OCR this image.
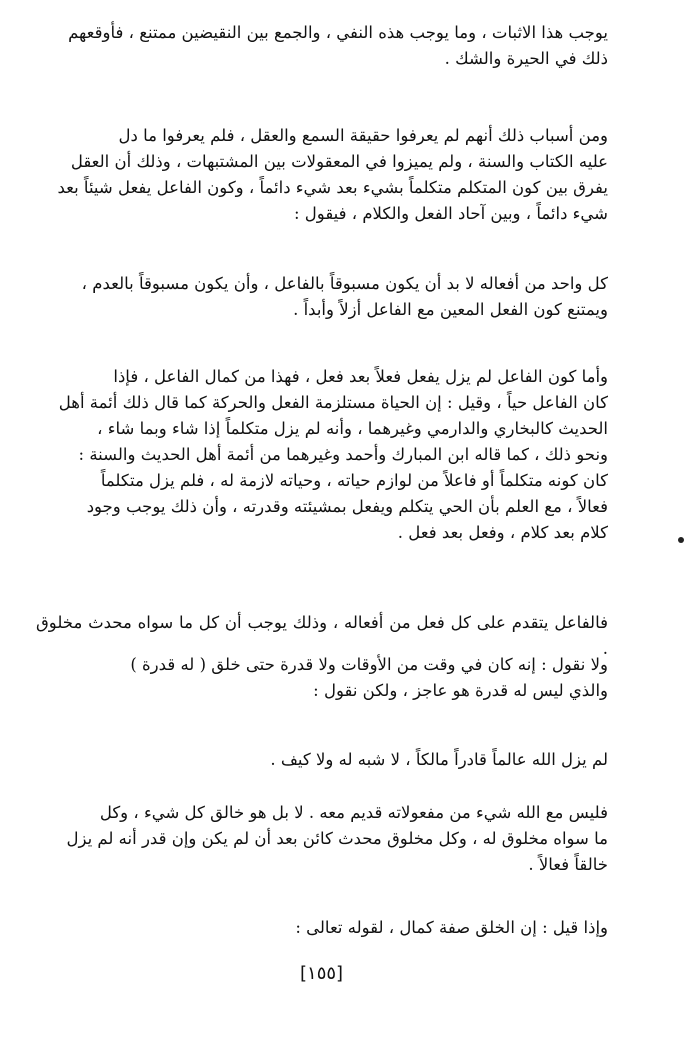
يوجب هذا الاثبات ، وما يوجب هذه النفي ، والجمع بين النقيضين ممتنع ، فأوقعهم
ذلك في الحيرة والشك .

ومن أسباب ذلك أنهم لم يعرفوا حقيقة السمع والعقل ، فلم يعرفوا ما دل
عليه الكتاب والسنة ، ولم يميزوا في المعقولات بين المشتبهات ، وذلك أن العقل
يفرق بين كون المتكلم متكلماً بشيء بعد شيء دائماً ، وكون الفاعل يفعل شيئاً بعد
شيء دائماً ، وبين آحاد الفعل والكلام ، فيقول :

كل واحد من أفعاله لا بد أن يكون مسبوقاً بالفاعل ، وأن يكون مسبوقاً بالعدم ،
ويمتنع كون الفعل المعين مع الفاعل أزلاً وأبداً .

وأما كون الفاعل لم يزل يفعل فعلاً بعد فعل ، فهذا من كمال الفاعل ، فإذا
كان الفاعل حياً ، وقيل : إن الحياة مستلزمة الفعل والحركة كما قال ذلك أئمة أهل
الحديث كالبخاري والدارمي وغيرهما ، وأنه لم يزل متكلماً إذا شاء وبما شاء ،
ونحو ذلك ، كما قاله ابن المبارك وأحمد وغيرهما من أئمة أهل الحديث والسنة :
كان كونه متكلماً أو فاعلاً من لوازم حياته ، وحياته لازمة له ، فلم يزل متكلماً
فعالاً ، مع العلم بأن الحي يتكلم ويفعل بمشيئته وقدرته ، وأن ذلك يوجب وجود
كلام بعد كلام ، وفعل بعد فعل .

فالفاعل يتقدم على كل فعل من أفعاله ، وذلك يوجب أن كل ما سواه محدث مخلوق .

ولا نقول : إنه كان في وقت من الأوقات ولا قدرة حتى خلق ( له قدرة )
والذي ليس له قدرة هو عاجز ، ولكن نقول :

لم يزل الله عالماً قادراً مالكاً ، لا شبه له ولا كيف .

فليس مع الله شيء من مفعولاته قديم معه . لا بل هو خالق كل شيء ، وكل
ما سواه مخلوق له ، وكل مخلوق محدث كائن بعد أن لم يكن وإن قدر أنه لم يزل
خالقاً فعالاً .

وإذا قيل : إن الخلق صفة كمال ، لقوله تعالى :

[١٥٥]
